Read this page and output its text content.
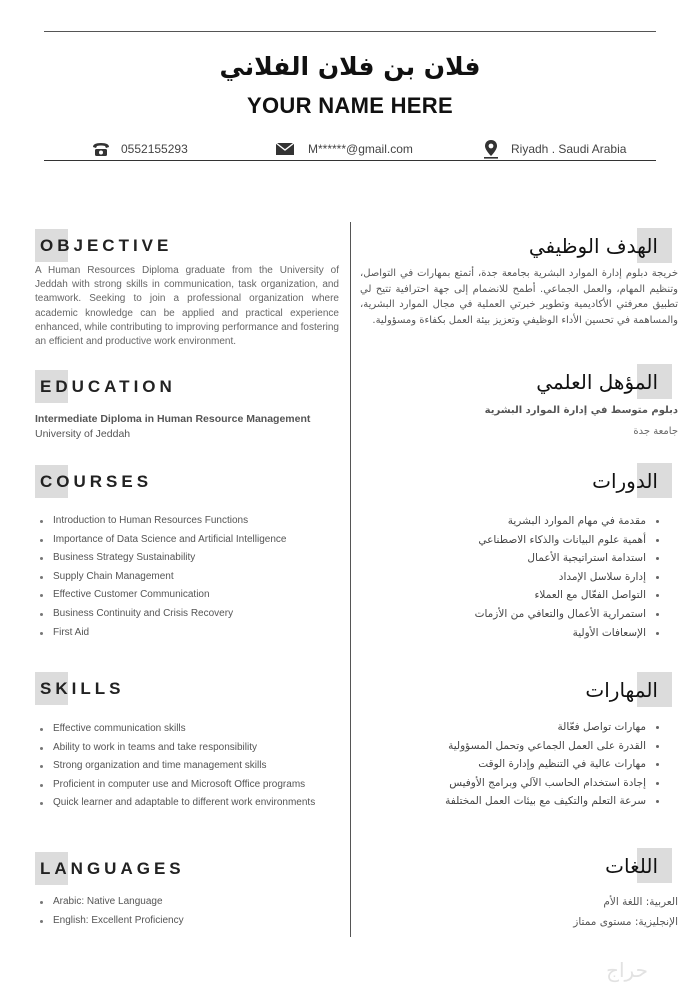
فلان بن فلان الفلاني
YOUR NAME HERE
0552155293	M******@gmail.com	Riyadh . Saudi Arabia
OBJECTIVE
A Human Resources Diploma graduate from the University of Jeddah with strong skills in communication, task organization, and teamwork. Seeking to join a professional organization where academic knowledge can be applied and practical experience enhanced, while contributing to improving performance and fostering an efficient and productive work environment.
EDUCATION
Intermediate Diploma in Human Resource Management
University of Jeddah
COURSES
Introduction to Human Resources Functions
Importance of Data Science and Artificial Intelligence
Business Strategy Sustainability
Supply Chain Management
Effective Customer Communication
Business Continuity and Crisis Recovery
First Aid
SKILLS
Effective communication skills
Ability to work in teams and take responsibility
Strong organization and time management skills
Proficient in computer use and Microsoft Office programs
Quick learner and adaptable to different work environments
LANGUAGES
Arabic: Native Language
English: Excellent Proficiency
الهدف الوظيفي
خريجة دبلوم إدارة الموارد البشرية بجامعة جدة، أتمتع بمهارات في التواصل، وتنظيم المهام، والعمل الجماعي. أطمح للانضمام إلى جهة احترافية تتيح لي تطبيق معرفتي الأكاديمية وتطوير خبرتي العملية في مجال الموارد البشرية، والمساهمة في تحسين الأداء الوظيفي وتعزيز بيئة العمل بكفاءة ومسؤولية.
المؤهل العلمي
دبلوم متوسط في إدارة الموارد البشرية
جامعة جدة
الدورات
مقدمة في مهام الموارد البشرية
أهمية علوم البيانات والذكاء الاصطناعي
استدامة استراتيجية الأعمال
إدارة سلاسل الإمداد
التواصل الفعّال مع العملاء
استمرارية الأعمال والتعافي من الأزمات
الإسعافات الأولية
المهارات
مهارات تواصل فعّالة
القدرة على العمل الجماعي وتحمل المسؤولية
مهارات عالية في التنظيم وإدارة الوقت
إجادة استخدام الحاسب الآلي وبرامج الأوفيس
سرعة التعلم والتكيف مع بيئات العمل المختلفة
اللغات
العربية: اللغة الأم
الإنجليزية: مستوى ممتاز
حراج
